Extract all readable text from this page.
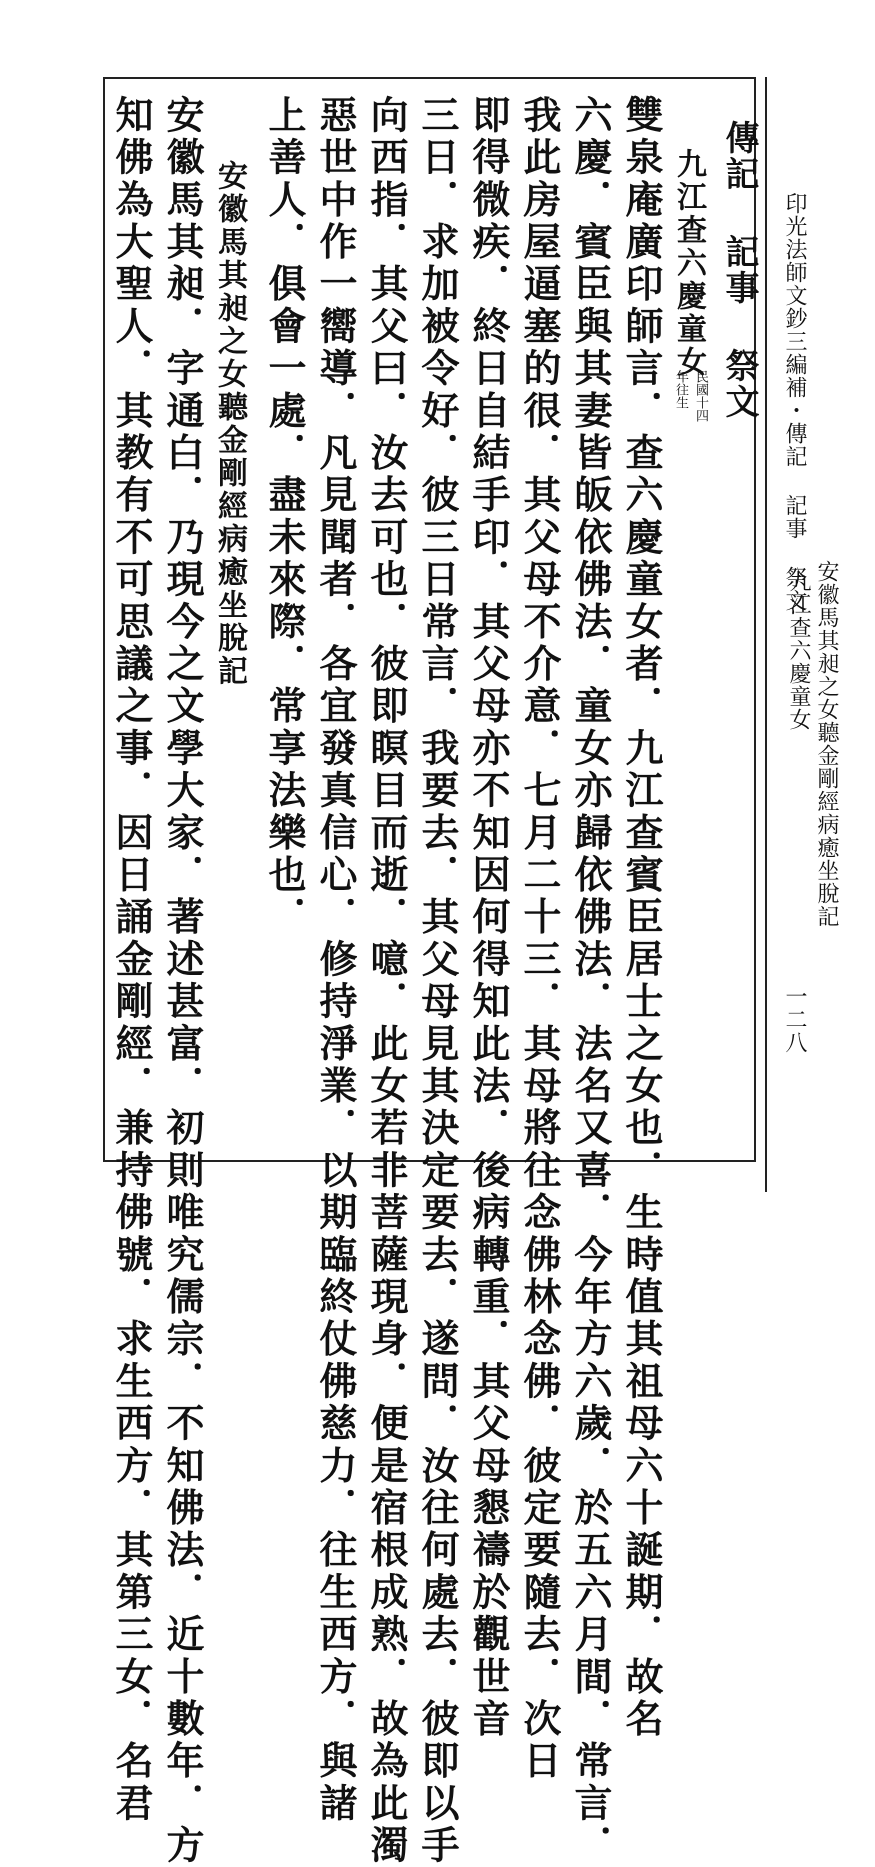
印光法師文鈔三編補・傳記 記事 祭文
安徽馬其昶之女聽金剛經病癒坐脫記
九江查六慶童女
一二八
傳記 記事 祭文
九江查六慶童女
民國十四
年往生
雙泉庵廣印師言．查六慶童女者．九江查賓臣居士之女也．生時值其祖母六十誕期．故名
六慶．賓臣與其妻皆皈依佛法．童女亦歸依佛法．法名又喜．今年方六歲．於五六月間．常言．
我此房屋逼塞的很．其父母不介意．七月二十三．其母將往念佛林念佛．彼定要隨去．次日
即得微疾．終日自結手印．其父母亦不知因何得知此法．後病轉重．其父母懇禱於觀世音
三日．求加被令好．彼三日常言．我要去．其父母見其決定要去．遂問．汝往何處去．彼即以手
向西指．其父曰．汝去可也．彼即瞑目而逝．噫．此女若非菩薩現身．便是宿根成熟．故為此濁
惡世中作一嚮導．凡見聞者．各宜發真信心．修持淨業．以期臨終仗佛慈力．往生西方．與諸
上善人．俱會一處．盡未來際．常享法樂也．
安徽馬其昶之女聽金剛經病癒坐脫記
安徽馬其昶．字通白．乃現今之文學大家．著述甚富．初則唯究儒宗．不知佛法．近十數年．方
知佛為大聖人．其教有不可思議之事．因日誦金剛經．兼持佛號．求生西方．其第三女．名君
